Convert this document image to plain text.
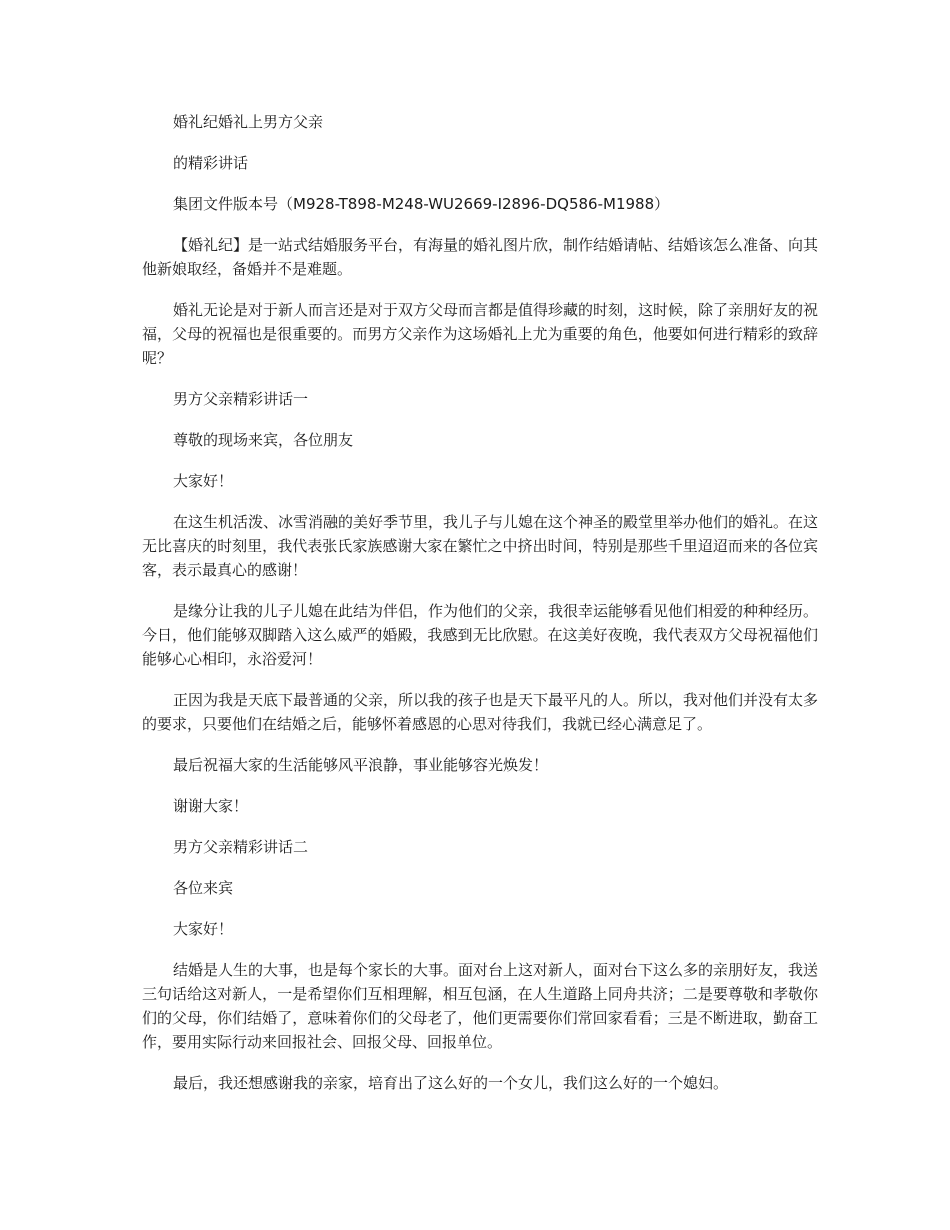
婚礼纪婚礼上男方父亲

的精彩讲话

集团文件版本号（M928-T898-M248-WU2669-I2896-DQ586-M1988）

【婚礼纪】是一站式结婚服务平台，有海量的婚礼图片欣，制作结婚请帖、结婚该怎么准备、向其他新娘取经，备婚并不是难题。

婚礼无论是对于新人而言还是对于双方父母而言都是值得珍藏的时刻，这时候，除了亲朋好友的祝福，父母的祝福也是很重要的。而男方父亲作为这场婚礼上尤为重要的角色，他要如何进行精彩的致辞呢？

男方父亲精彩讲话一

尊敬的现场来宾，各位朋友

大家好！

在这生机活泼、冰雪消融的美好季节里，我儿子与儿媳在这个神圣的殿堂里举办他们的婚礼。在这无比喜庆的时刻里，我代表张氏家族感谢大家在繁忙之中挤出时间，特别是那些千里迢迢而来的各位宾客，表示最真心的感谢！

是缘分让我的儿子儿媳在此结为伴侣，作为他们的父亲，我很幸运能够看见他们相爱的种种经历。今日，他们能够双脚踏入这么威严的婚殿，我感到无比欣慰。在这美好夜晚，我代表双方父母祝福他们能够心心相印，永浴爱河！

正因为我是天底下最普通的父亲，所以我的孩子也是天下最平凡的人。所以，我对他们并没有太多的要求，只要他们在结婚之后，能够怀着感恩的心思对待我们，我就已经心满意足了。

最后祝福大家的生活能够风平浪静，事业能够容光焕发！

谢谢大家！

男方父亲精彩讲话二

各位来宾

大家好！

结婚是人生的大事，也是每个家长的大事。面对台上这对新人，面对台下这么多的亲朋好友，我送三句话给这对新人，一是希望你们互相理解，相互包涵，在人生道路上同舟共济；二是要尊敬和孝敬你们的父母，你们结婚了，意味着你们的父母老了，他们更需要你们常回家看看；三是不断进取，勤奋工作，要用实际行动来回报社会、回报父母、回报单位。

最后，我还想感谢我的亲家，培育出了这么好的一个女儿，我们这么好的一个媳妇。
